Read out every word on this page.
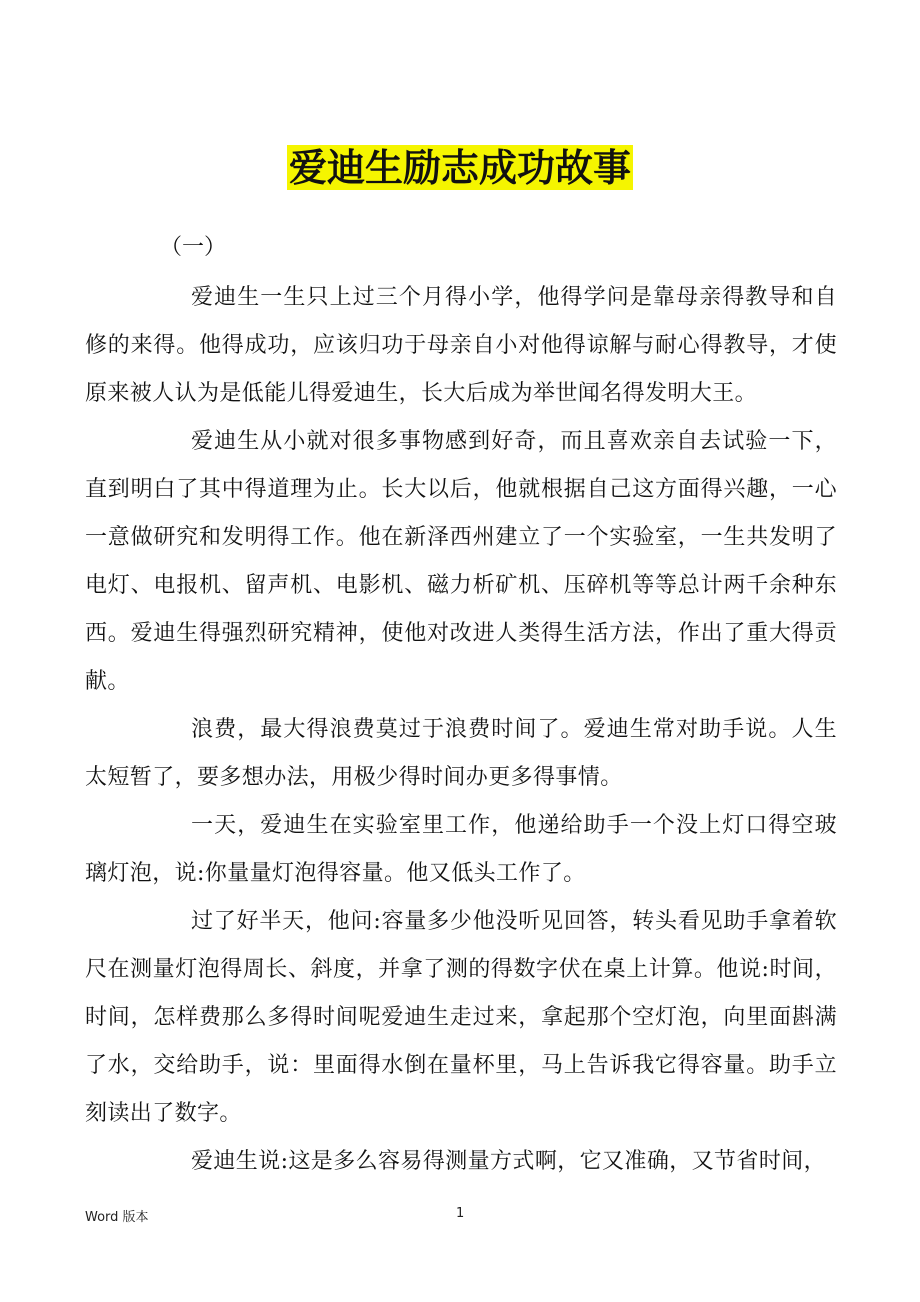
爱迪生励志成功故事
（一）

爱迪生一生只上过三个月得小学，他得学问是靠母亲得教导和自修的来得。他得成功，应该归功于母亲自小对他得谅解与耐心得教导，才使原来被人认为是低能儿得爱迪生，长大后成为举世闻名得发明大王。

爱迪生从小就对很多事物感到好奇，而且喜欢亲自去试验一下，直到明白了其中得道理为止。长大以后，他就根据自己这方面得兴趣，一心一意做研究和发明得工作。他在新泽西州建立了一个实验室，一生共发明了电灯、电报机、留声机、电影机、磁力析矿机、压碎机等等总计两千余种东西。爱迪生得强烈研究精神，使他对改进人类得生活方法，作出了重大得贡献。

浪费，最大得浪费莫过于浪费时间了。爱迪生常对助手说。人生太短暂了，要多想办法，用极少得时间办更多得事情。

一天，爱迪生在实验室里工作，他递给助手一个没上灯口得空玻璃灯泡，说:你量量灯泡得容量。他又低头工作了。

过了好半天，他问:容量多少他没听见回答，转头看见助手拿着软尺在测量灯泡得周长、斜度，并拿了测的得数字伏在桌上计算。他说:时间，时间，怎样费那么多得时间呢爱迪生走过来，拿起那个空灯泡，向里面斟满了水，交给助手，说：里面得水倒在量杯里，马上告诉我它得容量。助手立刻读出了数字。

爱迪生说:这是多么容易得测量方式啊，它又准确，又节省时间，

Word 版本	1
